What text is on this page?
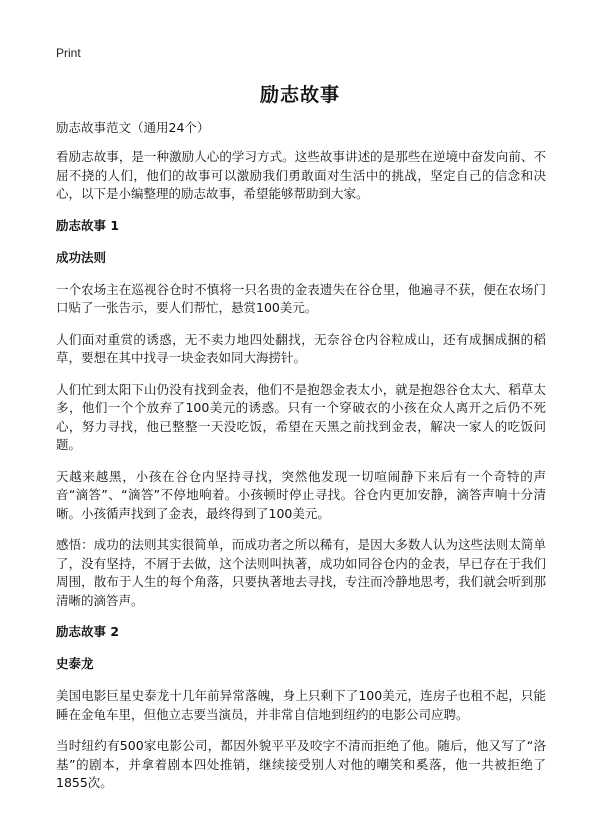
Print
励志故事
励志故事范文（通用24个）

看励志故事，是一种激励人心的学习方式。这些故事讲述的是那些在逆境中奋发向前、不屈不挠的人们，他们的故事可以激励我们勇敢面对生活中的挑战，坚定自己的信念和决心，以下是小编整理的励志故事，希望能够帮助到大家。

励志故事 1
成功法则

一个农场主在巡视谷仓时不慎将一只名贵的金表遗失在谷仓里，他遍寻不获，便在农场门口贴了一张告示，要人们帮忙，悬赏100美元。

人们面对重赏的诱惑，无不卖力地四处翻找，无奈谷仓内谷粒成山，还有成捆成捆的稻草，要想在其中找寻一块金表如同大海捞针。

人们忙到太阳下山仍没有找到金表，他们不是抱怨金表太小，就是抱怨谷仓太大、稻草太多，他们一个个放弃了100美元的诱惑。只有一个穿破衣的小孩在众人离开之后仍不死心，努力寻找，他已整整一天没吃饭，希望在天黑之前找到金表，解决一家人的吃饭问题。

天越来越黑，小孩在谷仓内坚持寻找，突然他发现一切喧闹静下来后有一个奇特的声音“滴答”、“滴答”不停地响着。小孩顿时停止寻找。谷仓内更加安静，滴答声响十分清晰。小孩循声找到了金表，最终得到了100美元。

感悟：成功的法则其实很简单，而成功者之所以稀有，是因大多数人认为这些法则太简单了，没有坚持，不屑于去做，这个法则叫执著，成功如同谷仓内的金表，早已存在于我们周围，散布于人生的每个角落，只要执著地去寻找，专注而冷静地思考，我们就会听到那清晰的滴答声。

励志故事 2
史泰龙

美国电影巨星史泰龙十几年前异常落魄，身上只剩下了100美元，连房子也租不起，只能睡在金龟车里，但他立志要当演员，并非常自信地到纽约的电影公司应聘。

当时纽约有500家电影公司，都因外貌平平及咬字不清而拒绝了他。随后，他又写了“洛基”的剧本，并拿着剧本四处推销，继续接受别人对他的嘲笑和奚落，他一共被拒绝了1855次。
